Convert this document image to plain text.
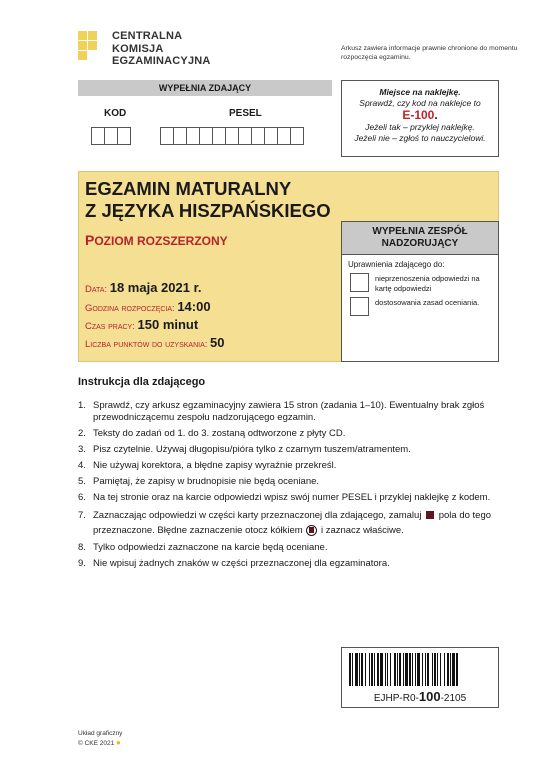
CENTRALNA
KOMISJA
EGZAMINACYJNA
Arkusz zawiera informacje prawnie chronione do momentu rozpoczęcia egzaminu.
WYPEŁNIA ZDAJĄCY
KOD	PESEL
Miejsce na naklejkę.
Sprawdź, czy kod na naklejce to
E-100.
Jeżeli tak – przyklej naklejkę.
Jeżeli nie – zgłoś to nauczycielowi.
EGZAMIN MATURALNY
Z JĘZYKA HISZPAŃSKIEGO
POZIOM ROZSZERZONY
Data: 18 maja 2021 r.
Godzina rozpoczęcia: 14:00
Czas pracy: 150 minut
Liczba punktów do uzyskania: 50
WYPEŁNIA ZESPÓŁ
NADZORUJĄCY
Uprawnienia zdającego do:
nieprzenoszenia odpowiedzi na kartę odpowiedzi
dostosowania zasad oceniania.
Instrukcja dla zdającego
1. Sprawdź, czy arkusz egzaminacyjny zawiera 15 stron (zadania 1–10). Ewentualny brak zgłoś przewodniczącemu zespołu nadzorującego egzamin.
2. Teksty do zadań od 1. do 3. zostaną odtworzone z płyty CD.
3. Pisz czytelnie. Używaj długopisu/pióra tylko z czarnym tuszem/atramentem.
4. Nie używaj korektora, a błędne zapisy wyraźnie przekreśl.
5. Pamiętaj, że zapisy w brudnopisie nie będą oceniane.
6. Na tej stronie oraz na karcie odpowiedzi wpisz swój numer PESEL i przyklej naklejkę z kodem.
7. Zaznaczając odpowiedzi w części karty przeznaczonej dla zdającego, zamaluj pola do tego przeznaczone. Błędne zaznaczenie otocz kółkiem i zaznacz właściwe.
8. Tylko odpowiedzi zaznaczone na karcie będą oceniane.
9. Nie wpisuj żadnych znaków w części przeznaczonej dla egzaminatora.
EJHP-R0-100-2105
Układ graficzny
© CKE 2021 ●
